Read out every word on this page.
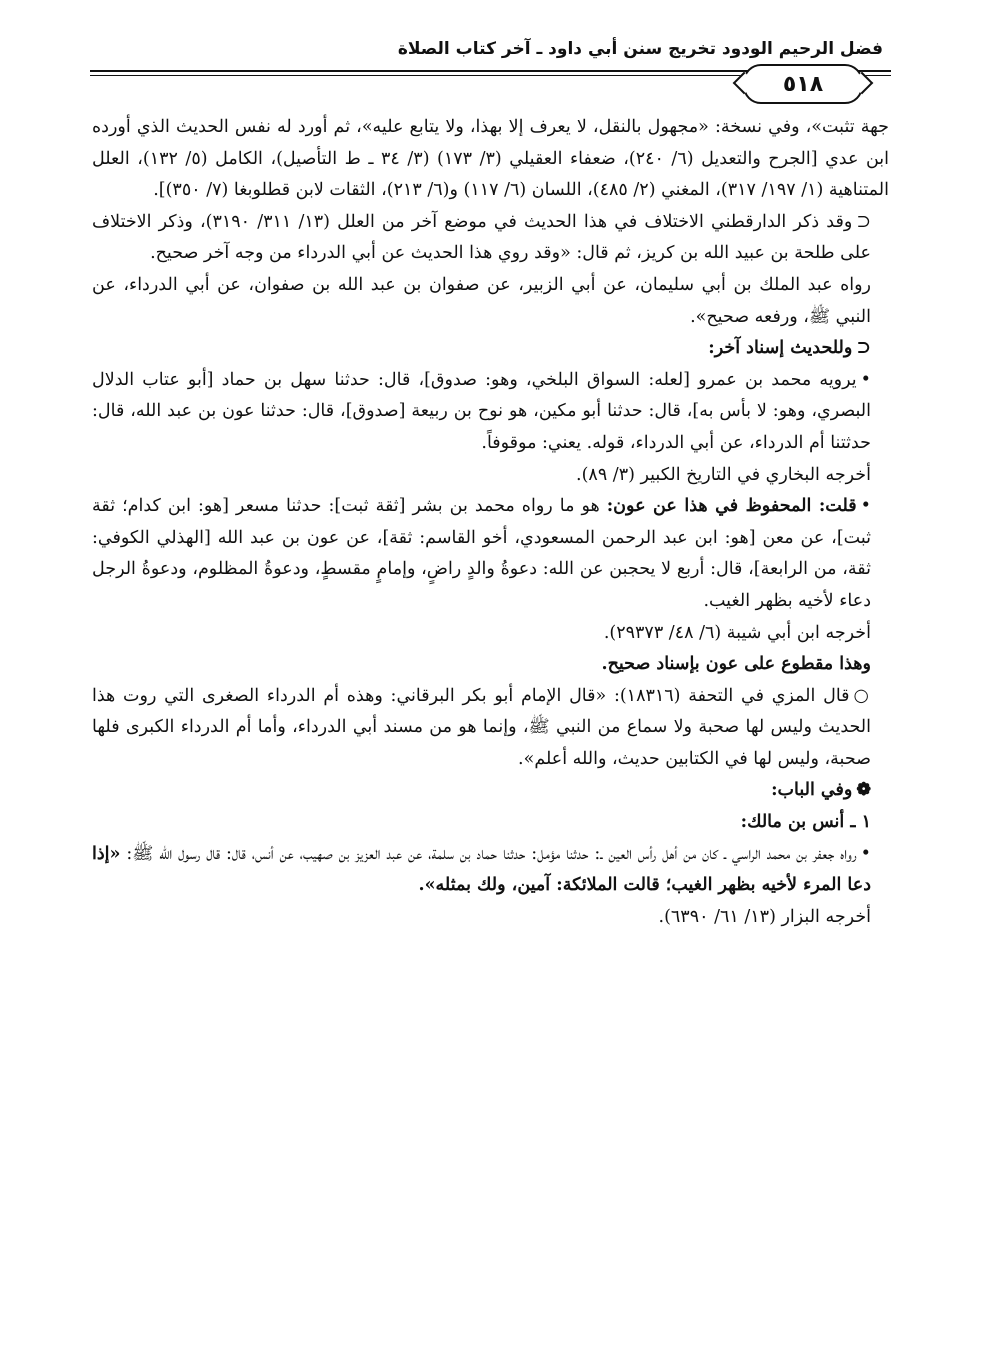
فضل الرحيم الودود تخريج سنن أبي داود ـ آخر كتاب الصلاة
٥١٨

جهة تثبت»، وفي نسخة: «مجهول بالنقل، لا يعرف إلا بهذا، ولا يتابع عليه»، ثم أورد له نفس الحديث الذي أورده ابن عدي [الجرح والتعديل (٦/ ٢٤٠)، ضعفاء العقيلي (٣/ ١٧٣) (٣/ ٣٤ ـ ط التأصيل)، الكامل (٥/ ١٣٢)، العلل المتناهية (١/ ١٩٧/ ٣١٧)، المغني (٢/ ٤٨٥)، اللسان (٦/ ١١٧) و(٦/ ٢١٣)، الثقات لابن قطلوبغا (٧/ ٣٥٠)].

⊂وقد ذكر الدارقطني الاختلاف في هذا الحديث في موضع آخر من العلل (١٣/ ٣١١/ ٣١٩٠)، وذكر الاختلاف على طلحة بن عبيد الله بن كريز، ثم قال: «وقد روي هذا الحديث عن أبي الدرداء من وجه آخر صحيح.

رواه عبد الملك بن أبي سليمان، عن أبي الزبير، عن صفوان بن عبد الله بن صفوان، عن أبي الدرداء، عن النبي ﷺ، ورفعه صحيح».

⊂وللحديث إسناد آخر:

•يرويه محمد بن عمرو [لعله: السواق البلخي، وهو: صدوق]، قال: حدثنا سهل بن حماد [أبو عتاب الدلال البصري، وهو: لا بأس به]، قال: حدثنا أبو مكين، هو نوح بن ربيعة [صدوق]، قال: حدثنا عون بن عبد الله، قال: حدثتنا أم الدرداء، عن أبي الدرداء، قوله. يعني: موقوفاً.

أخرجه البخاري في التاريخ الكبير (٣/ ٨٩).

•قلت: المحفوظ في هذا عن عون: هو ما رواه محمد بن بشر [ثقة ثبت]: حدثنا مسعر [هو: ابن كدام؛ ثقة ثبت]، عن معن [هو: ابن عبد الرحمن المسعودي، أخو القاسم: ثقة]، عن عون بن عبد الله [الهذلي الكوفي: ثقة، من الرابعة]، قال: أربع لا يحجبن عن الله: دعوةُ والدٍ راضٍ، وإمامٍ مقسطٍ، ودعوةُ المظلوم، ودعوةُ الرجل دعاء لأخيه بظهر الغيب.

أخرجه ابن أبي شيبة (٦/ ٤٨/ ٢٩٣٧٣).

وهذا مقطوع على عون بإسناد صحيح.

○قال المزي في التحفة (١٨٣١٦): «قال الإمام أبو بكر البرقاني: وهذه أم الدرداء الصغرى التي روت هذا الحديث وليس لها صحبة ولا سماع من النبي ﷺ، وإنما هو من مسند أبي الدرداء، وأما أم الدرداء الكبرى فلها صحبة، وليس لها في الكتابين حديث، والله أعلم».

❁وفي الباب:

١ ـ أنس بن مالك:

•رواه جعفر بن محمد الراسي ـ كان من أهل رأس العين ـ: حدثنا مؤمل: حدثنا حماد بن سلمة، عن عبد العزيز بن صهيب، عن أنس، قال: قال رسول الله ﷺ: «إذا دعا المرء لأخيه بظهر الغيب؛ قالت الملائكة: آمين، ولك بمثله».

أخرجه البزار (١٣/ ٦١/ ٦٣٩٠).
